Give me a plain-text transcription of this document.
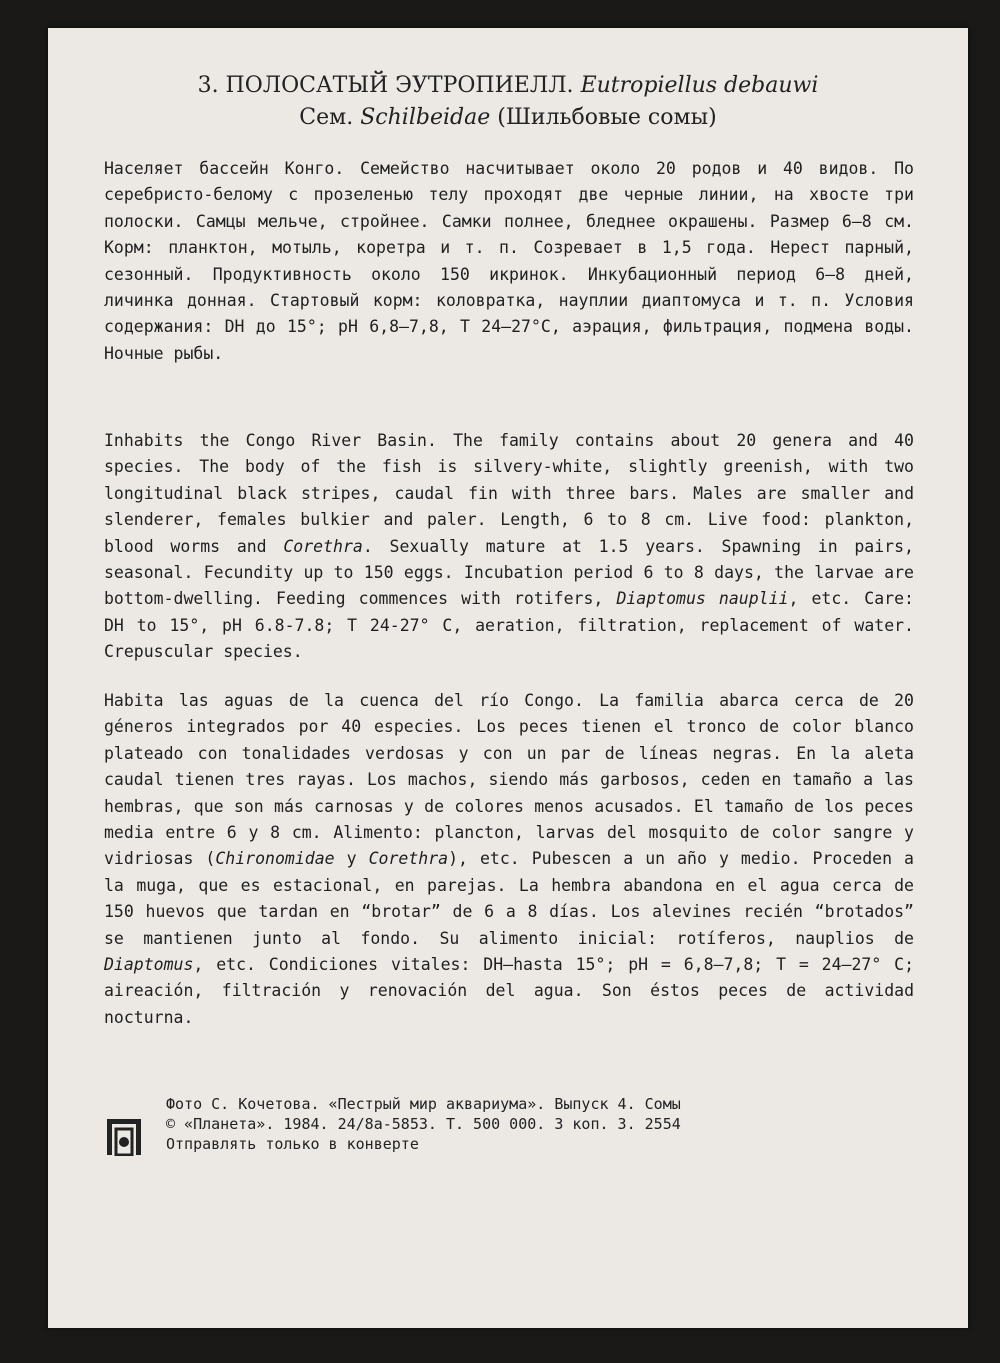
3. ПОЛОСАТЫЙ ЭУТРОПИЕЛЛ. Eutropiellus debauwi

Сем. Schilbeidae (Шильбовые сомы)

Населяет бассейн Конго. Семейство насчитывает около 20 родов и 40 видов. По серебристо-белому с прозеленью телу проходят две черные линии, на хвосте три полоски. Самцы мельче, стройнее. Самки полнее, бледнее окрашены. Размер 6—8 см. Корм: планктон, мотыль, коретра и т. п. Созревает в 1,5 года. Нерест парный, сезонный. Продуктивность около 150 икринок. Инкубационный период 6—8 дней, личинка донная. Стартовый корм: коловратка, науплии диаптомуса и т. п. Условия содержания: DH до 15°; pH 6,8—7,8, T 24—27°C, аэрация, фильтрация, подмена воды. Ночные рыбы.

Inhabits the Congo River Basin. The family contains about 20 genera and 40 species. The body of the fish is silvery-white, slightly greenish, with two longitudinal black stripes, caudal fin with three bars. Males are smaller and slenderer, females bulkier and paler. Length, 6 to 8 cm. Live food: plankton, blood worms and Corethra. Sexually mature at 1.5 years. Spawning in pairs, seasonal. Fecundity up to 150 eggs. Incubation period 6 to 8 days, the larvae are bottom-dwelling. Feeding commences with rotifers, Diaptomus nauplii, etc. Care: DH to 15°, pH 6.8-7.8; T 24-27° C, aeration, filtration, replacement of water. Crepuscular species.

Habita las aguas de la cuenca del río Congo. La familia abarca cerca de 20 géneros integrados por 40 especies. Los peces tienen el tronco de color blanco plateado con tonalidades verdosas y con un par de líneas negras. En la aleta caudal tienen tres rayas. Los machos, siendo más garbosos, ceden en tamaño a las hembras, que son más carnosas y de colores menos acusados. El tamaño de los peces media entre 6 y 8 cm. Alimento: plancton, larvas del mosquito de color sangre y vidriosas (Chironomidae y Corethra), etc. Pubescen a un año y medio. Proceden a la muga, que es estacional, en parejas. La hembra abandona en el agua cerca de 150 huevos que tardan en “brotar” de 6 a 8 días. Los alevines recién “brotados” se mantienen junto al fondo. Su alimento inicial: rotíferos, nauplios de Diaptomus, etc. Condiciones vitales: DH—hasta 15°; pH = 6,8—7,8; T = 24—27° C; aireación, filtración y renovación del agua. Son éstos peces de actividad nocturna.

Фото С. Кочетова. «Пестрый мир аквариума». Выпуск 4. Сомы
© «Планета». 1984. 24/8а-5853. Т. 500 000. 3 коп. З. 2554
Отправлять только в конверте
